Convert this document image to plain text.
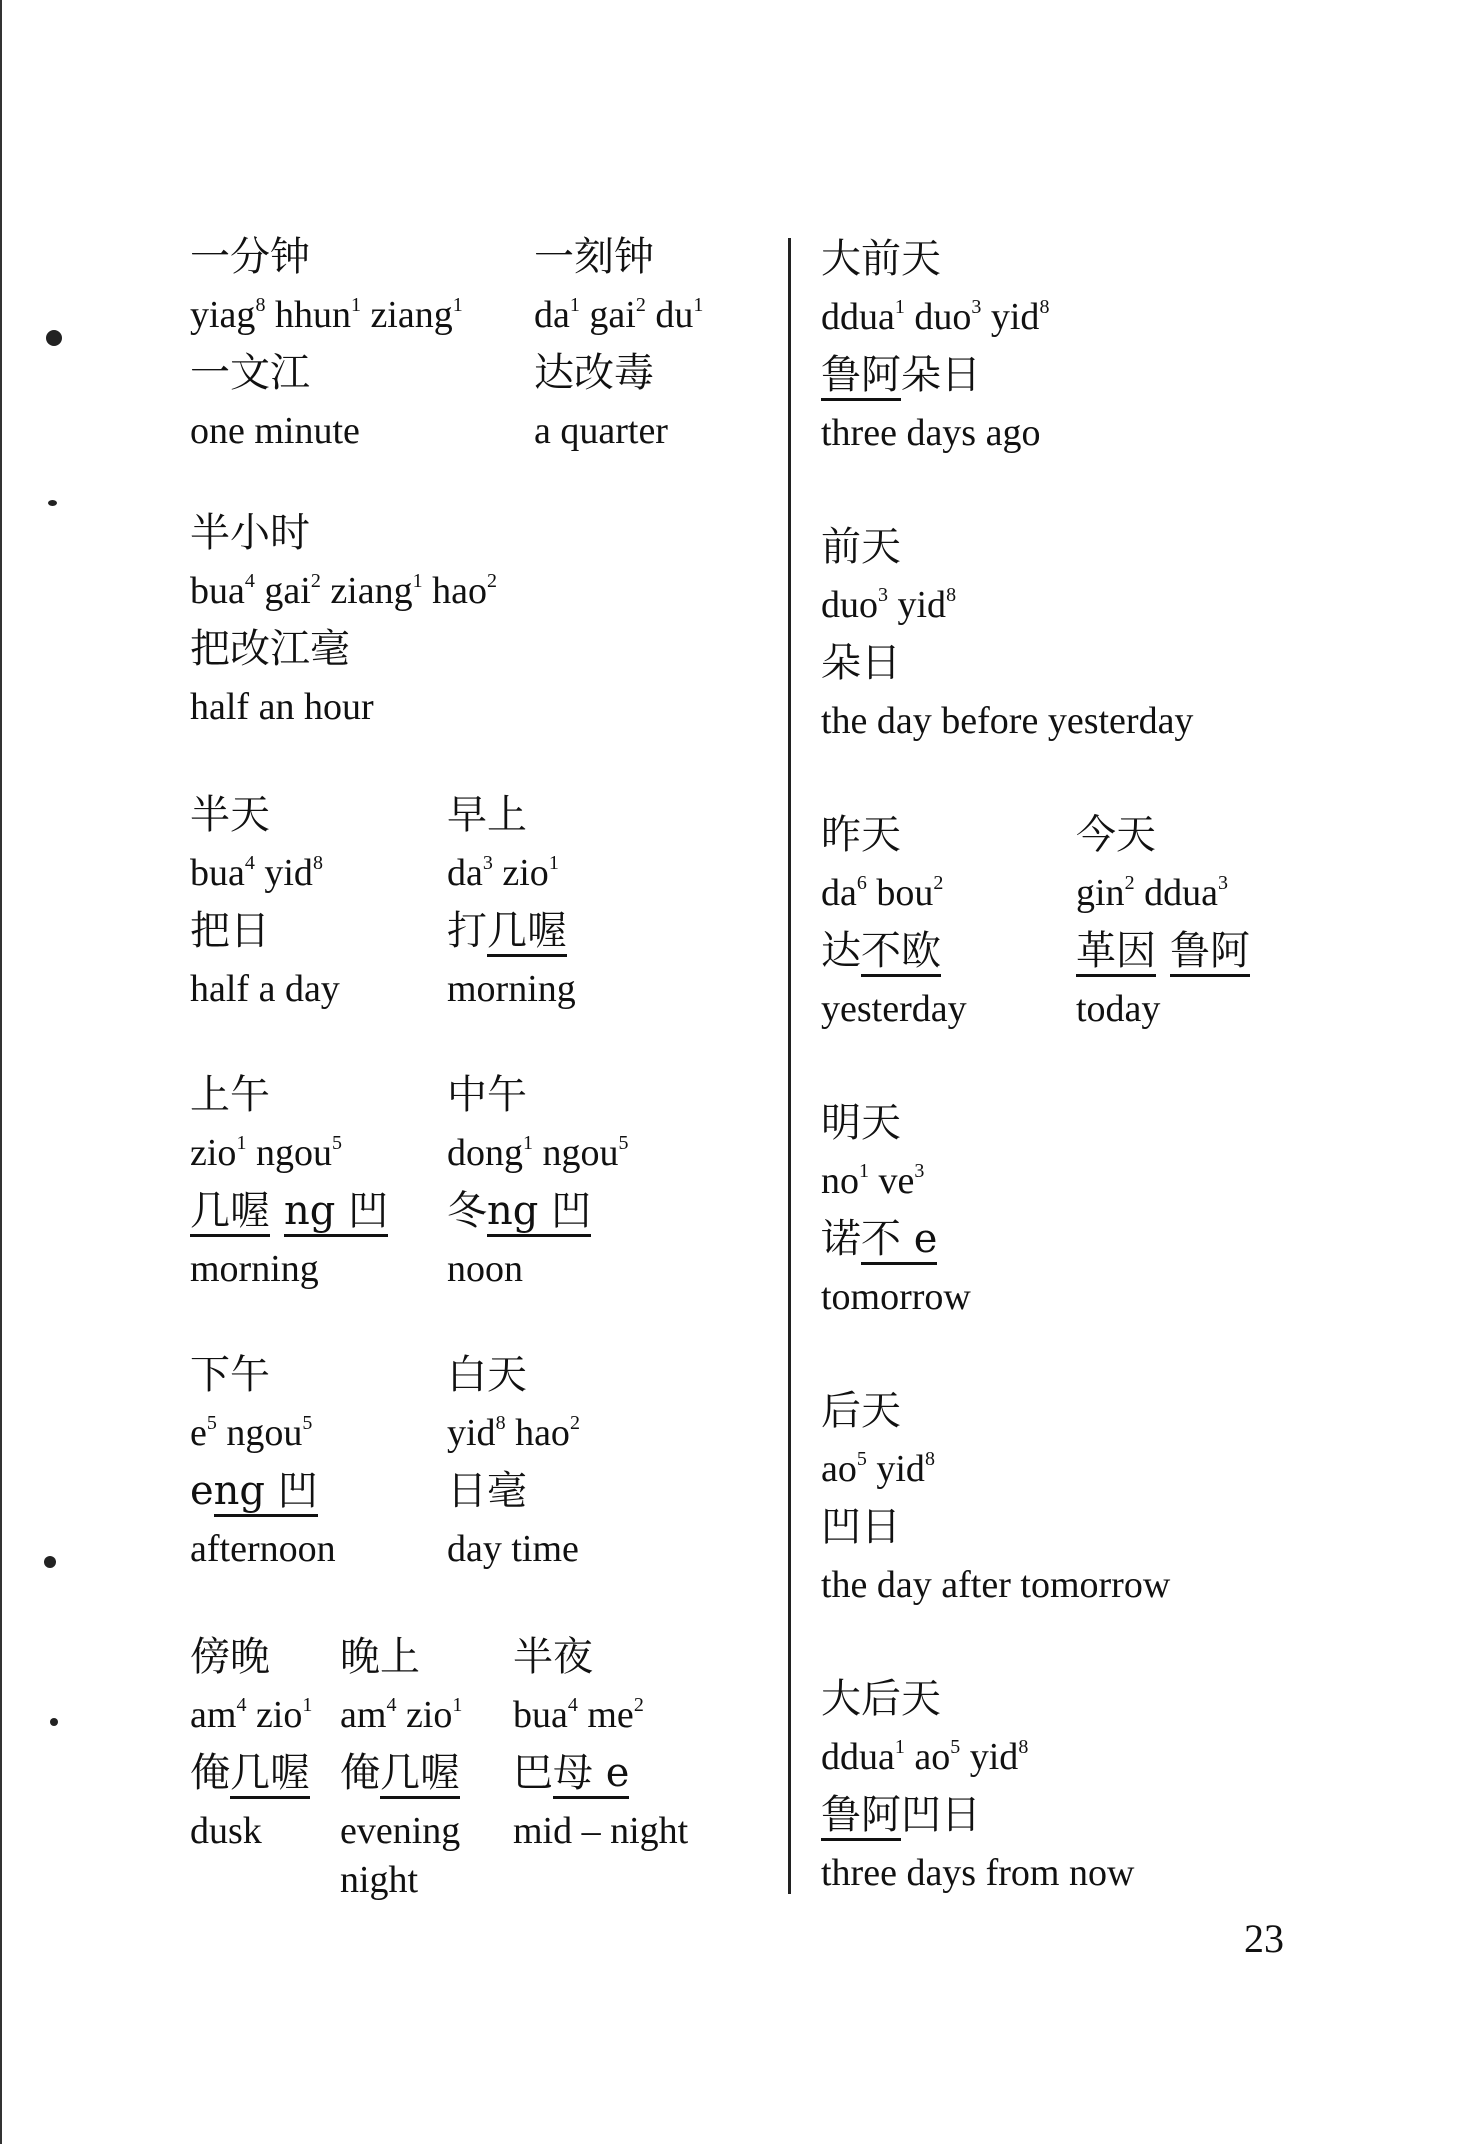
一分钟
yiag$^8$ hhun$^1$ ziang$^1$
一文江
one minute
一刻钟
$da^1$ gai$^2$ $du^1$
达改毒
a quarter
半小时
bua$^4$ gai$^2$ ziang$^1$ hao$^2$
把改江毫
half an hour
半天
bua$^4$ yid$^8$
把日
half a day
早上
$da^3$ zio$^1$
打几喔
morning
上午
zio$^1$ ngou$^5$
几喔 ng 凹
morning
中午
dong$^1$ ngou$^5$
冬ng 凹
noon
下午
$e^5$ ngou$^5$
eng 凹
afternoon
白天
yid$^8$ hao$^2$
日毫
day time
傍晚
$am^4$ zio$^1$
俺几喔
dusk
晚上
$am^4$ zio$^1$
俺几喔
evening
night
半夜
bua$^4$ $me^2$
巴母 e
mid – night
大前天
ddua$^1$ duo$^3$ yid$^8$
鲁阿朵日
three days ago
前天
duo$^3$ yid$^8$
朵日
the day before yesterday
昨天
$da^6$ bou$^2$
达不欧
yesterday
今天
gin$^2$ ddua$^3$
革因 鲁阿
today
明天
$no^1$ $ve^3$
诺不 e
tomorrow
后天
$ao^5$ yid$^8$
凹日
the day after tomorrow
大后天
ddua$^1$ $ao^5$ yid$^8$
鲁阿凹日
three days from now
23
